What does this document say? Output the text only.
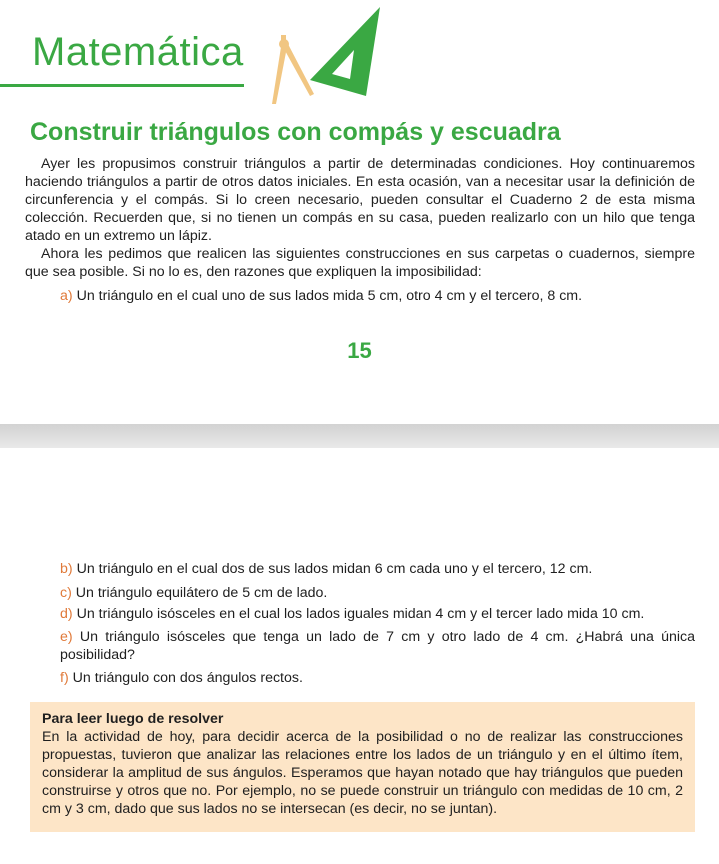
Matemática
Construir triángulos con compás y escuadra

Ayer les propusimos construir triángulos a partir de determinadas condiciones. Hoy continuaremos haciendo triángulos a partir de otros datos iniciales. En esta ocasión, van a necesitar usar la definición de circunferencia y el compás. Si lo creen necesario, pueden consultar el Cuaderno 2 de esta misma colección. Recuerden que, si no tienen un compás en su casa, pueden realizarlo con un hilo que tenga atado en un extremo un lápiz.

Ahora les pedimos que realicen las siguientes construcciones en sus carpetas o cuadernos, siempre que sea posible. Si no lo es, den razones que expliquen la imposibilidad:

a) Un triángulo en el cual uno de sus lados mida 5 cm, otro 4 cm y el tercero, 8 cm.
15
b) Un triángulo en el cual dos de sus lados midan 6 cm cada uno y el tercero, 12 cm.
c) Un triángulo equilátero de 5 cm de lado.
d) Un triángulo isósceles en el cual los lados iguales midan 4 cm y el tercer lado mida 10 cm.
e) Un triángulo isósceles que tenga un lado de 7 cm y otro lado de 4 cm. ¿Habrá una única posibilidad?
f) Un triángulo con dos ángulos rectos.
Para leer luego de resolver
En la actividad de hoy, para decidir acerca de la posibilidad o no de realizar las construcciones propuestas, tuvieron que analizar las relaciones entre los lados de un triángulo y en el último ítem, considerar la amplitud de sus ángulos. Esperamos que hayan notado que hay triángulos que pueden construirse y otros que no. Por ejemplo, no se puede construir un triángulo con medidas de 10 cm, 2 cm y 3 cm, dado que sus lados no se intersecan (es decir, no se juntan).
